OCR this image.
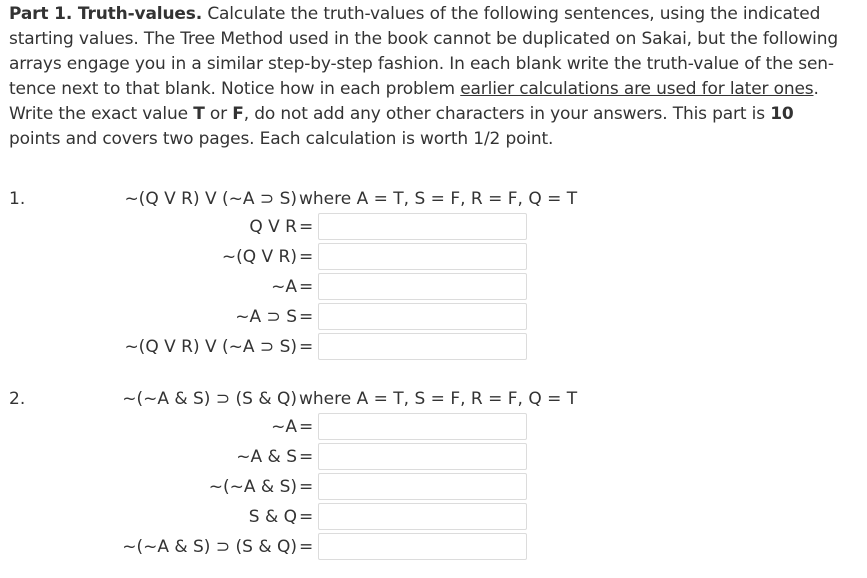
Part 1. Truth-values. Calculate the truth-values of the following sentences, using the indicated starting values. The Tree Method used in the book cannot be duplicated on Sakai, but the following arrays engage you in a similar step-by-step fashion. In each blank write the truth-value of the sen- tence next to that blank. Notice how in each problem earlier calculations are used for later ones. Write the exact value T or F, do not add any other characters in your answers. This part is 10 points and covers two pages. Each calculation is worth 1/2 point.
1.	~(Q V R) V (~A ⊃ S) where A = T, S = F, R = F, Q = T
Q V R =
~(Q V R) =
~A =
~A ⊃ S =
~(Q V R) V (~A ⊃ S) =
2.	~(~A & S) ⊃ (S & Q) where A = T, S = F, R = F, Q = T
~A =
~A & S =
~(~A & S) =
S & Q =
~(~A & S) ⊃ (S & Q) =
